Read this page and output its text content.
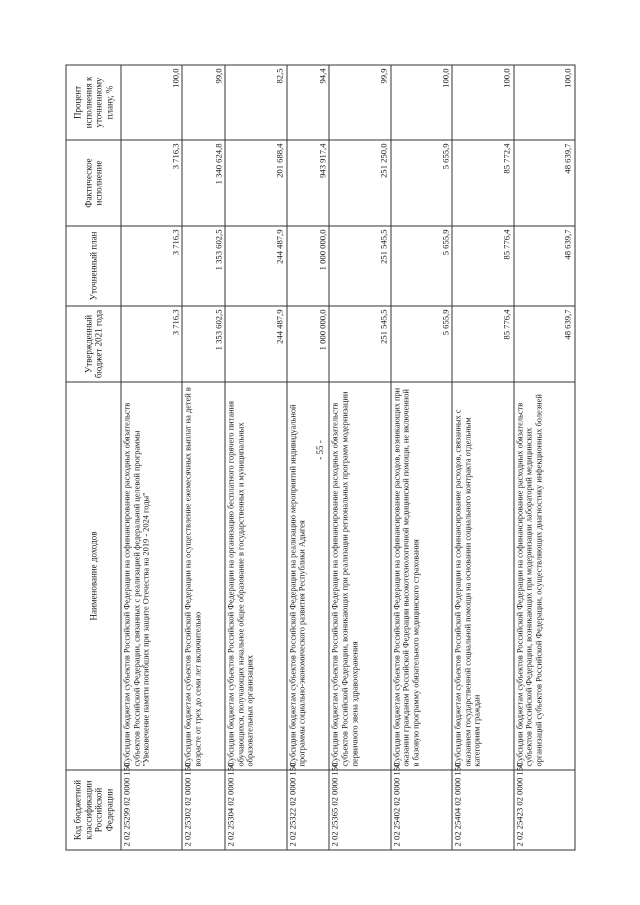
- 55 -
Код бюджетной классификации Российской Федерации	Наименование доходов	Утвержденный бюджет 2021 года	Уточненный план	Фактическое исполнение	Процент исполнения к уточненному плану, %
2 02 25299 02 0000 150	Субсидии бюджетам субъектов Российской Федерации на софинансирование расходных обязательств субъектов Российской Федерации, связанных с реализацией федеральной целевой программы "Увековечение памяти погибших при защите Отечества на 2019 - 2024 годы"	3 716,3	3 716,3	3 716,3	100,0
2 02 25302 02 0000 150	Субсидии бюджетам субъектов Российской Федерации на осуществление ежемесячных выплат на детей в возрасте от трех до семи лет включительно	1 353 602,5	1 353 602,5	1 340 624,8	99,0
2 02 25304 02 0000 150	Субсидии бюджетам субъектов Российской Федерации на организацию бесплатного горячего питания обучающихся, получающих начальное общее образование в государственных и муниципальных образовательных организациях	244 487,9	244 487,9	201 688,4	82,5
2 02 25322 02 0000 150	Субсидии бюджетам субъектов Российской Федерации на реализацию мероприятий индивидуальной программы социально-экономического развития Республики Адыгея	1 000 000,0	1 000 000,0	943 917,4	94,4
2 02 25365 02 0000 150	Субсидии бюджетам субъектов Российской Федерации на софинансирование расходных обязательств субъектов Российской Федерации, возникающих при реализации региональных программ модернизации первичного звена здравоохранения	251 545,5	251 545,5	251 250,0	99,9
2 02 25402 02 0000 150	Субсидии бюджетам субъектов Российской Федерации на софинансирование расходов, возникающих при оказании гражданам Российской Федерации высокотехнологичной медицинской помощи, не включенной в базовую программу обязательного медицинского страхования	5 655,9	5 655,9	5 655,9	100,0
2 02 25404 02 0000 150	Субсидии бюджетам субъектов Российской Федерации на софинансирование расходов, связанных с оказанием государственной социальной помощи на основании социального контракта отдельным категориям граждан	85 776,4	85 776,4	85 772,4	100,0
2 02 25423 02 0000 150	Субсидии бюджетам субъектов Российской Федерации на софинансирование расходных обязательств субъектов Российской Федерации, возникающих при модернизации лабораторий медицинских организаций субъектов Российской Федерации, осуществляющих диагностику инфекционных болезней	48 639,7	48 639,7	48 639,7	100,0
